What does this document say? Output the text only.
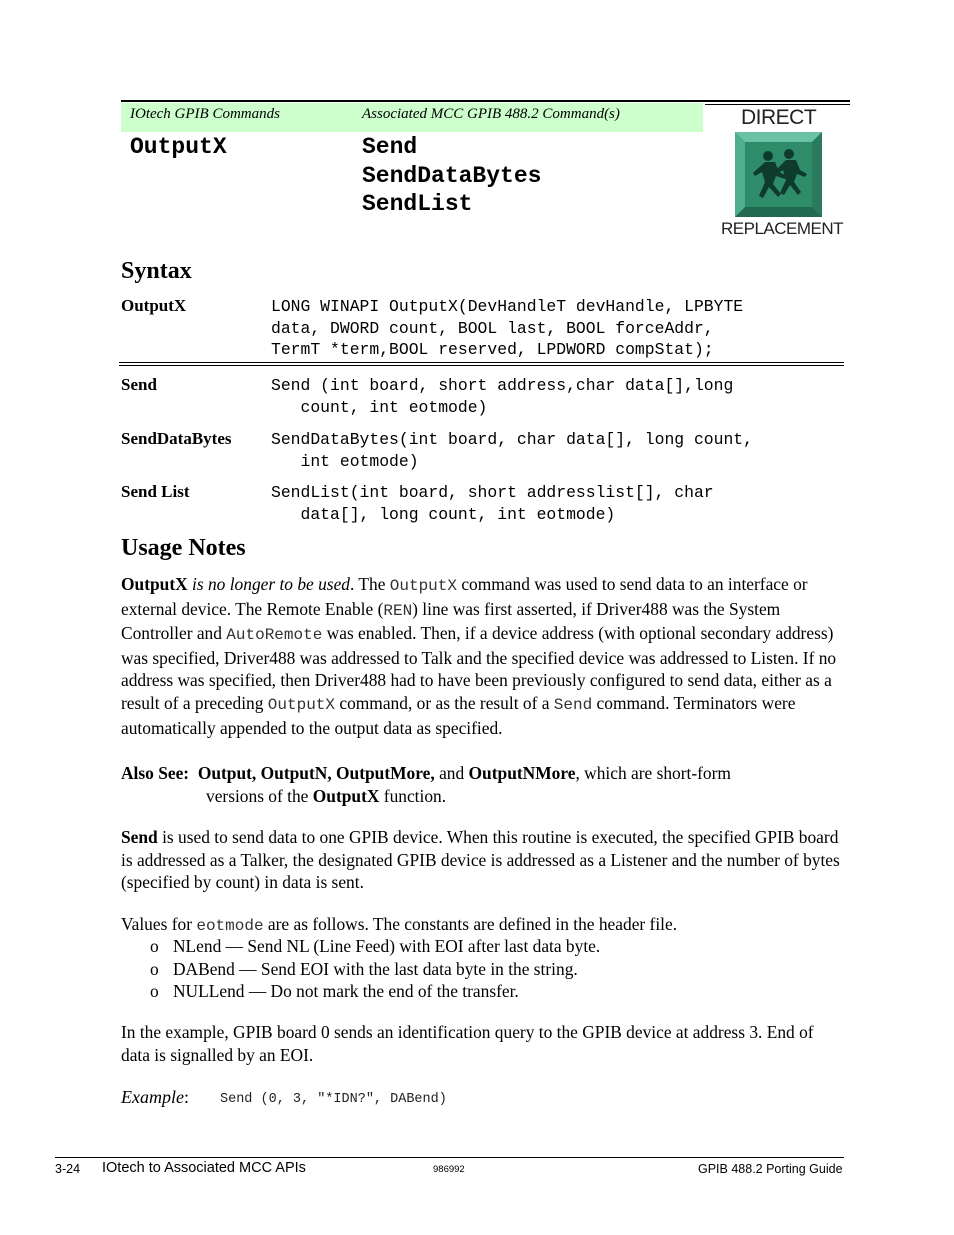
IOtech GPIB Commands	Associated MCC GPIB 488.2 Command(s)
OutputX	Send
SendDataBytes
SendList
DIRECT
REPLACEMENT
Syntax
OutputX	LONG WINAPI OutputX(DevHandleT devHandle, LPBYTE
data, DWORD count, BOOL last, BOOL forceAddr,
TermT *term,BOOL reserved, LPDWORD compStat);
Send	Send (int board, short address,char data[],long
count, int eotmode)
SendDataBytes SendDataBytes(int board, char data[], long count,
int eotmode)
Send List	SendList(int board, short addresslist[], char
data[], long count, int eotmode)
Usage Notes
OutputX is no longer to be used. The OutputX command was used to send data to an interface or external device. The Remote Enable (REN) line was first asserted, if Driver488 was the System Controller and AutoRemote was enabled. Then, if a device address (with optional secondary address) was specified, Driver488 was addressed to Talk and the specified device was addressed to Listen. If no address was specified, then Driver488 had to have been previously configured to send data, either as a result of a preceding OutputX command, or as the result of a Send command. Terminators were automatically appended to the output data as specified.
Also See: Output, OutputN, OutputMore, and OutputNMore, which are short-form
versions of the OutputX function.
Send is used to send data to one GPIB device. When this routine is executed, the specified GPIB board is addressed as a Talker, the designated GPIB device is addressed as a Listener and the number of bytes (specified by count) in data is sent.
Values for eotmode are as follows. The constants are defined in the header file.
o NLend — Send NL (Line Feed) with EOI after last data byte.
o DABend — Send EOI with the last data byte in the string.
o NULLend — Do not mark the end of the transfer.
In the example, GPIB board 0 sends an identification query to the GPIB device at address 3. End of data is signalled by an EOI.
Example: Send (0, 3, "*IDN?", DABend)
3-24 IOtech to Associated MCC APIs	986992	GPIB 488.2 Porting Guide
